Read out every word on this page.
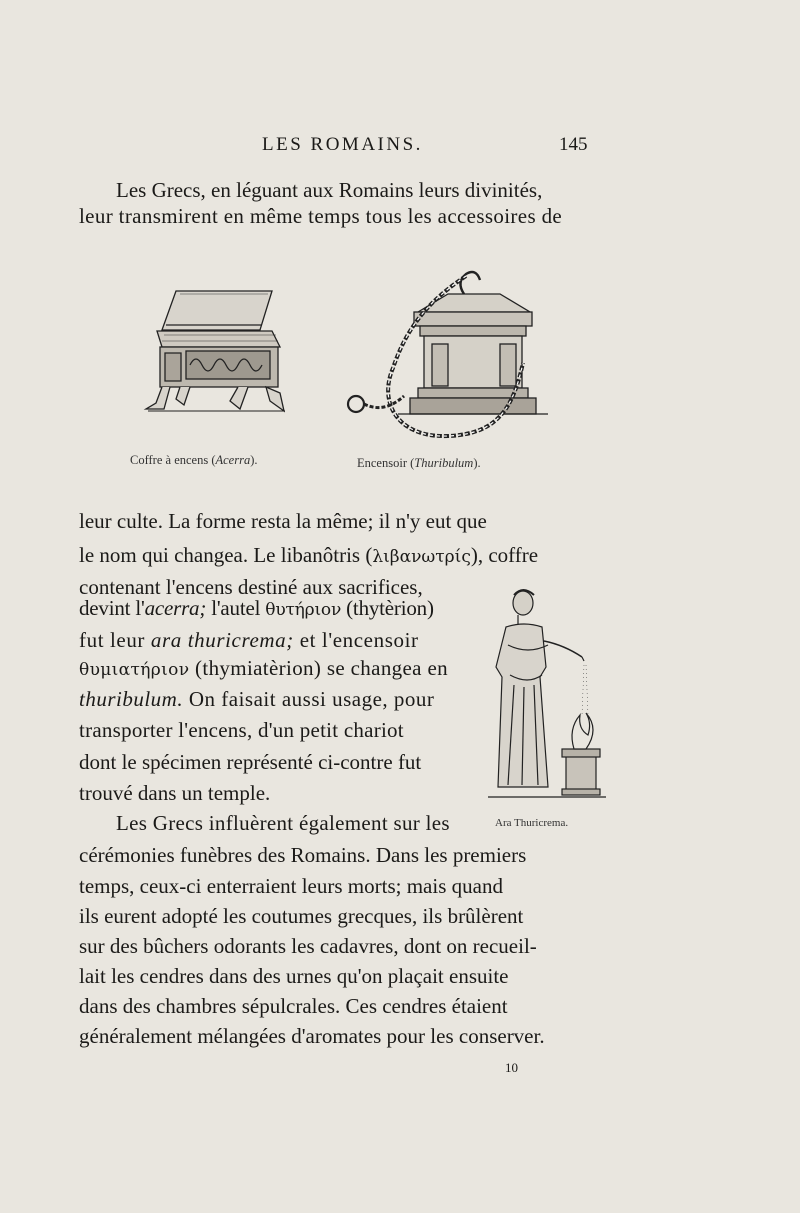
LES ROMAINS.	145
Les Grecs, en léguant aux Romains leurs divinités,
leur transmirent en même temps tous les accessoires de
Coffre à encens (Acerra).	Encensoir (Thuribulum).
leur culte. La forme resta la même; il n'y eut que
le nom qui changea. Le libanôtris (λιβανωτρίς), coffre
contenant l'encens destiné aux sacrifices,
devint l'acerra; l'autel θυτήριον (thytèrion)
fut leur ara thuricrema; et l'encensoir
θυμιατήριον (thymiatèrion) se changea en
thuribulum. On faisait aussi usage, pour
transporter l'encens, d'un petit chariot
dont le spécimen représenté ci-contre fut
trouvé dans un temple.
Ara Thuricrema.
Les Grecs influèrent également sur les
cérémonies funèbres des Romains. Dans les premiers
temps, ceux-ci enterraient leurs morts; mais quand
ils eurent adopté les coutumes grecques, ils brûlèrent
sur des bûchers odorants les cadavres, dont on recueil-
lait les cendres dans des urnes qu'on plaçait ensuite
dans des chambres sépulcrales. Ces cendres étaient
généralement mélangées d'aromates pour les conserver.
10
